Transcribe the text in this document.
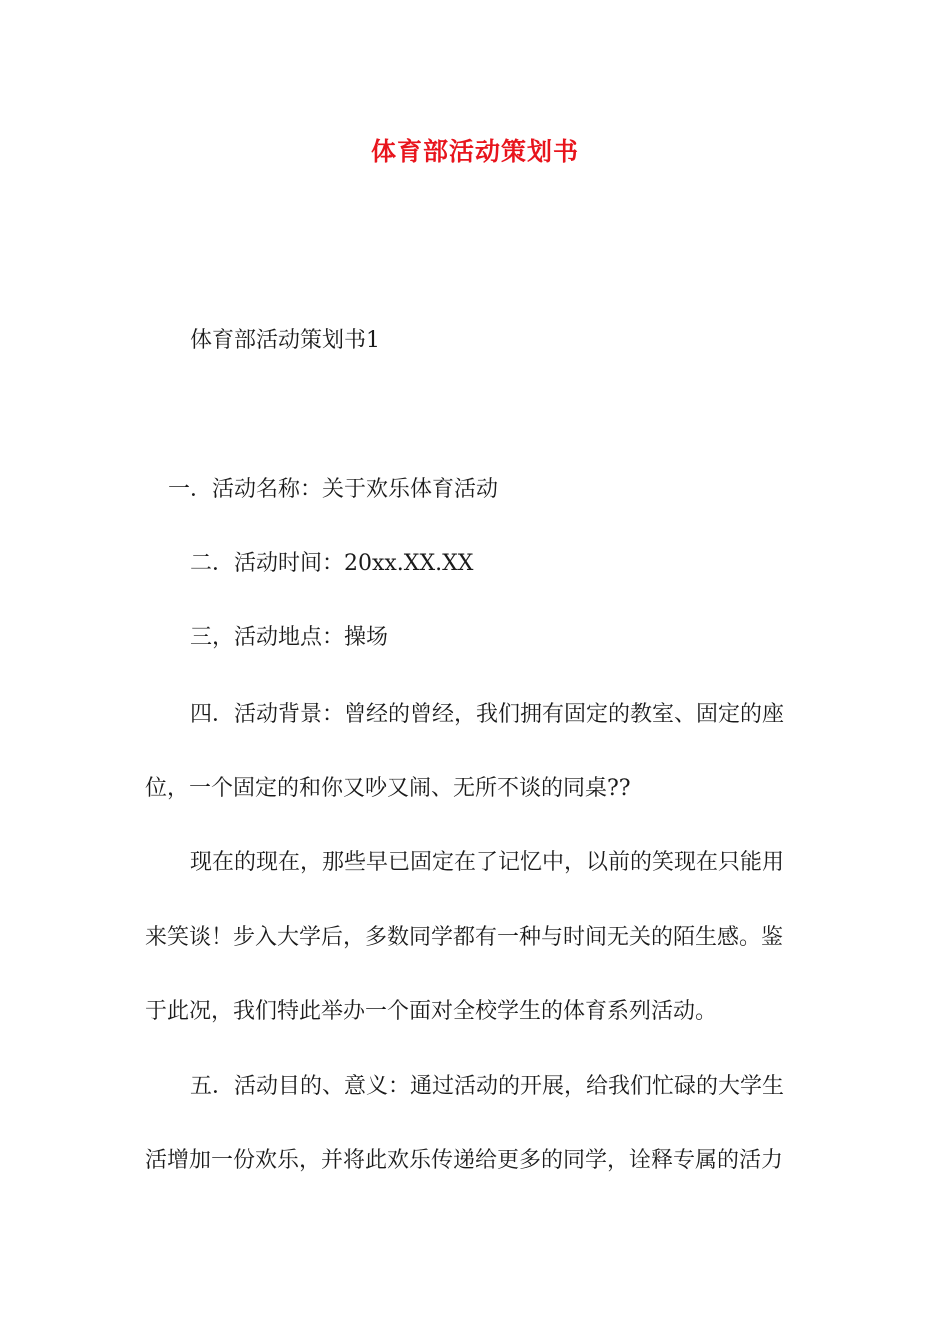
体育部活动策划书
体育部活动策划书1
一．活动名称：关于欢乐体育活动
二．活动时间：20xx.XX.XX
三，活动地点：操场
四．活动背景：曾经的曾经，我们拥有固定的教室、固定的座
位，一个固定的和你又吵又闹、无所不谈的同桌??
现在的现在，那些早已固定在了记忆中，以前的笑现在只能用
来笑谈！步入大学后，多数同学都有一种与时间无关的陌生感。鉴
于此况，我们特此举办一个面对全校学生的体育系列活动。
五．活动目的、意义：通过活动的开展，给我们忙碌的大学生
活增加一份欢乐，并将此欢乐传递给更多的同学，诠释专属的活力
